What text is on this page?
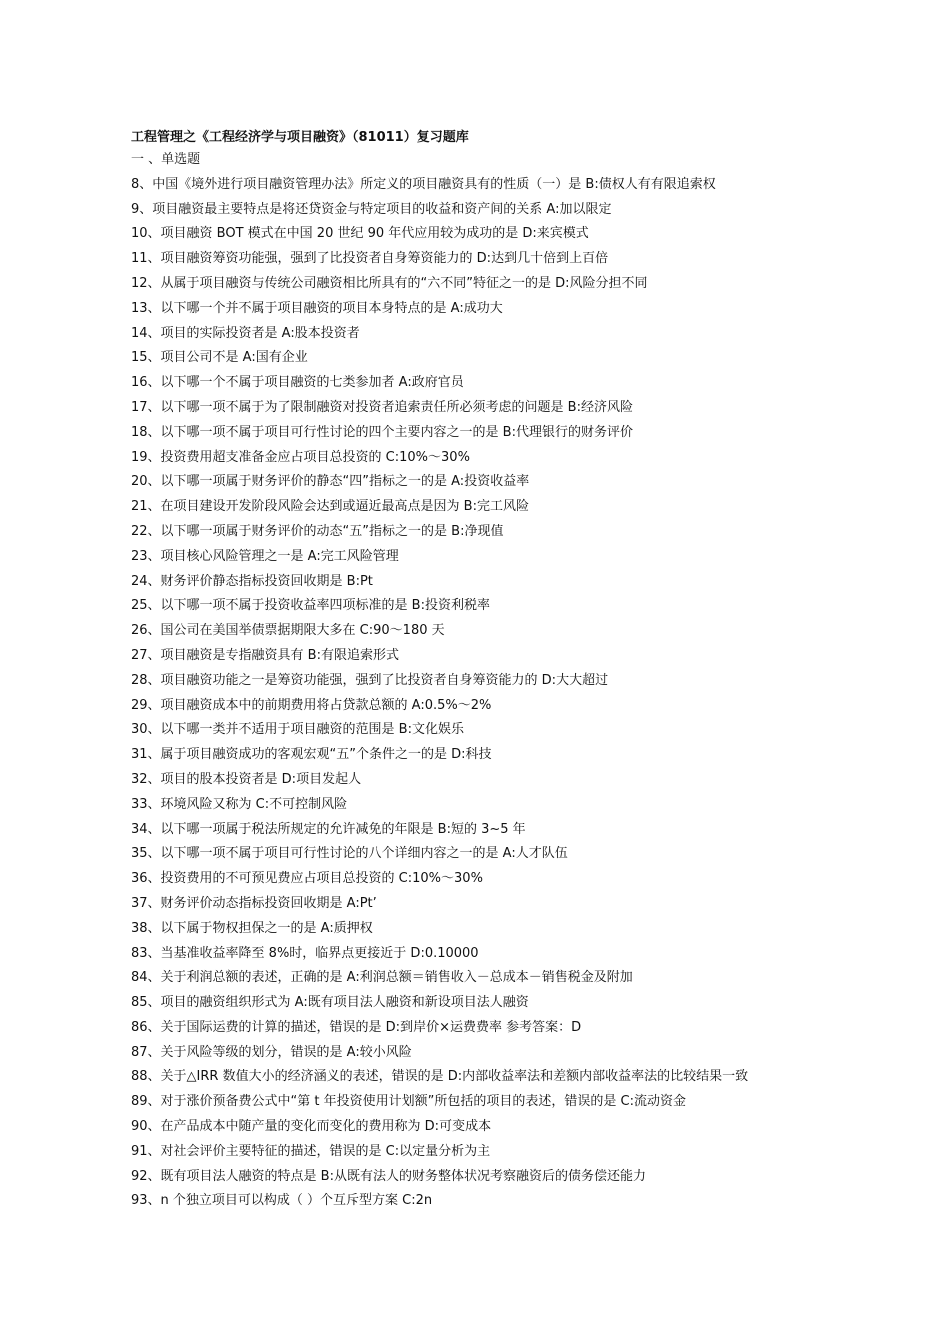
工程管理之《工程经济学与项目融资》（81011）复习题库
一 、单选题
8、中国《境外进行项目融资管理办法》所定义的项目融资具有的性质（一）是 B:债权人有有限追索权
9、项目融资最主要特点是将还贷资金与特定项目的收益和资产间的关系 A:加以限定
10、项目融资 BOT 模式在中国 20 世纪 90 年代应用较为成功的是 D:来宾模式
11、项目融资筹资功能强，强到了比投资者自身筹资能力的 D:达到几十倍到上百倍
12、从属于项目融资与传统公司融资相比所具有的“六不同”特征之一的是 D:风险分担不同
13、以下哪一个并不属于项目融资的项目本身特点的是 A:成功大
14、项目的实际投资者是 A:股本投资者
15、项目公司不是 A:国有企业
16、以下哪一个不属于项目融资的七类参加者 A:政府官员
17、以下哪一项不属于为了限制融资对投资者追索责任所必须考虑的问题是 B:经济风险
18、以下哪一项不属于项目可行性讨论的四个主要内容之一的是 B:代理银行的财务评价
19、投资费用超支准备金应占项目总投资的 C:10%～30%
20、以下哪一项属于财务评价的静态“四”指标之一的是 A:投资收益率
21、在项目建设开发阶段风险会达到或逼近最高点是因为 B:完工风险
22、以下哪一项属于财务评价的动态“五”指标之一的是 B:净现值
23、项目核心风险管理之一是 A:完工风险管理
24、财务评价静态指标投资回收期是 B:Pt
25、以下哪一项不属于投资收益率四项标准的是 B:投资利税率
26、国公司在美国举债票据期限大多在 C:90～180 天
27、项目融资是专指融资具有 B:有限追索形式
28、项目融资功能之一是筹资功能强，强到了比投资者自身筹资能力的 D:大大超过
29、项目融资成本中的前期费用将占贷款总额的 A:0.5%～2%
30、以下哪一类并不适用于项目融资的范围是 B:文化娱乐
31、属于项目融资成功的客观宏观“五”个条件之一的是 D:科技
32、项目的股本投资者是 D:项目发起人
33、环境风险又称为 C:不可控制风险
34、以下哪一项属于税法所规定的允许减免的年限是 B:短的 3~5 年
35、以下哪一项不属于项目可行性讨论的八个详细内容之一的是 A:人才队伍
36、投资费用的不可预见费应占项目总投资的 C:10%～30%
37、财务评价动态指标投资回收期是 A:Pt’
38、以下属于物权担保之一的是 A:质押权
83、当基准收益率降至 8%时，临界点更接近于 D:0.10000
84、关于利润总额的表述，正确的是 A:利润总额＝销售收入－总成本－销售税金及附加
85、项目的融资组织形式为 A:既有项目法人融资和新设项目法人融资
86、关于国际运费的计算的描述，错误的是 D:到岸价×运费费率 参考答案：D
87、关于风险等级的划分，错误的是 A:较小风险
88、关于△IRR 数值大小的经济涵义的表述，错误的是 D:内部收益率法和差额内部收益率法的比较结果一致
89、对于涨价预备费公式中“第 t 年投资使用计划额”所包括的项目的表述，错误的是 C:流动资金
90、在产品成本中随产量的变化而变化的费用称为 D:可变成本
91、对社会评价主要特征的描述，错误的是 C:以定量分析为主
92、既有项目法人融资的特点是 B:从既有法人的财务整体状况考察融资后的债务偿还能力
93、n 个独立项目可以构成（ ）个互斥型方案 C:2n
